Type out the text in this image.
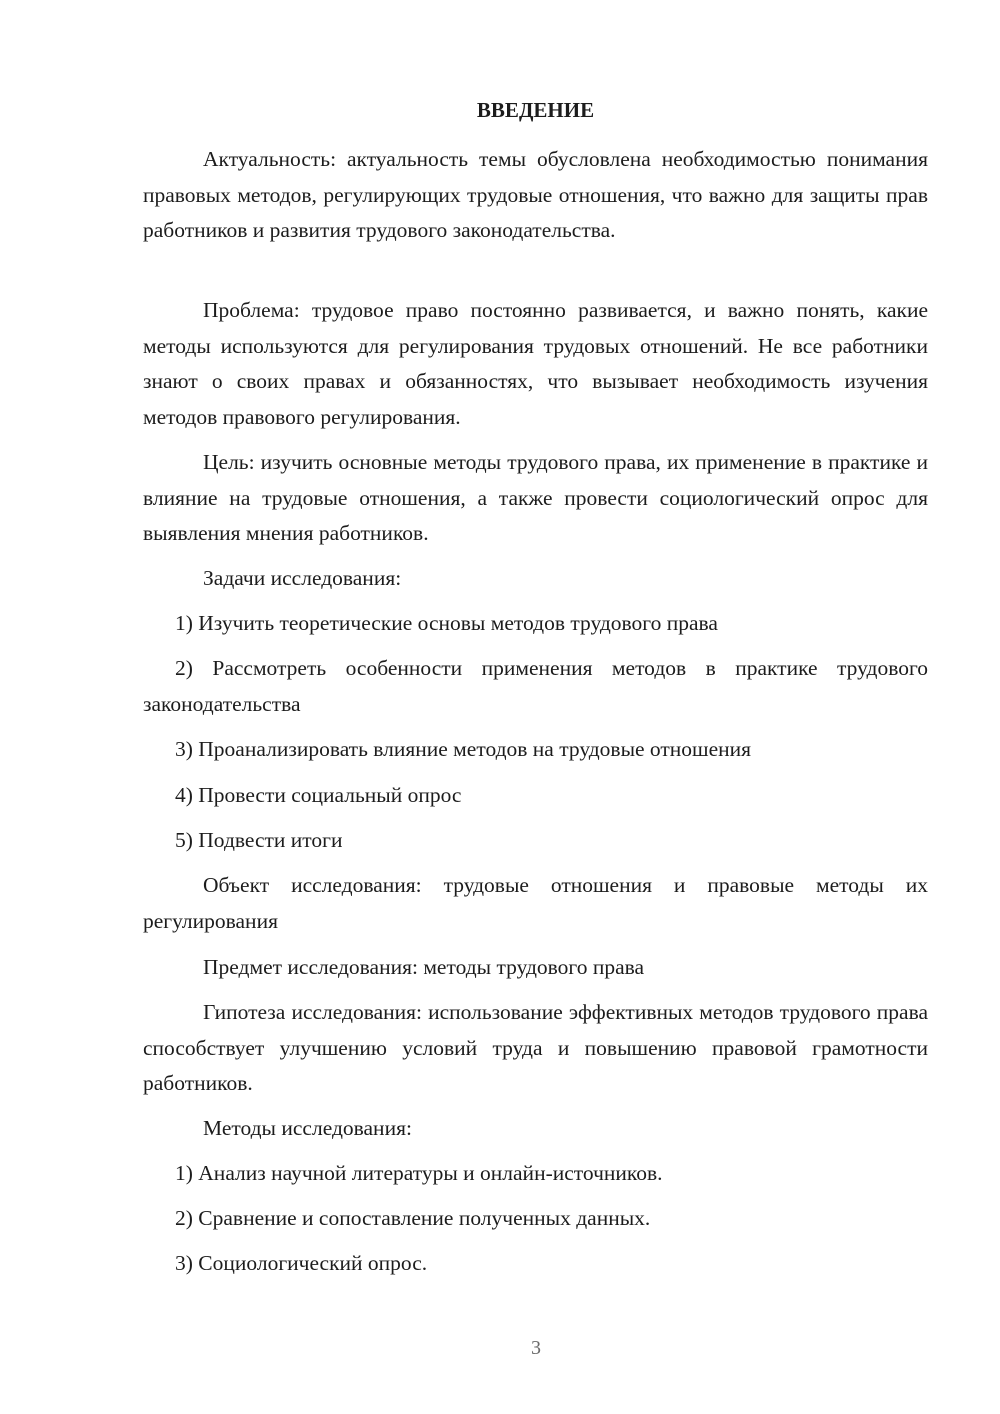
ВВЕДЕНИЕ

Актуальность: актуальность темы обусловлена необходимостью понимания правовых методов, регулирующих трудовые отношения, что важно для защиты прав работников и развития трудового законодательства.

Проблема: трудовое право постоянно развивается, и важно понять, какие методы используются для регулирования трудовых отношений. Не все работники знают о своих правах и обязанностях, что вызывает необходимость изучения методов правового регулирования.

Цель: изучить основные методы трудового права, их применение в практике и влияние на трудовые отношения, а также провести социологический опрос для выявления мнения работников.

Задачи исследования:

1) Изучить теоретические основы методов трудового права

2) Рассмотреть особенности применения методов в практике трудового законодательства

3) Проанализировать влияние методов на трудовые отношения

4) Провести социальный опрос

5) Подвести итоги

Объект исследования: трудовые отношения и правовые методы их регулирования

Предмет исследования: методы трудового права

Гипотеза исследования: использование эффективных методов трудового права способствует улучшению условий труда и повышению правовой грамотности работников.

Методы исследования:

1) Анализ научной литературы и онлайн-источников.

2) Сравнение и сопоставление полученных данных.

3) Социологический опрос.

3
